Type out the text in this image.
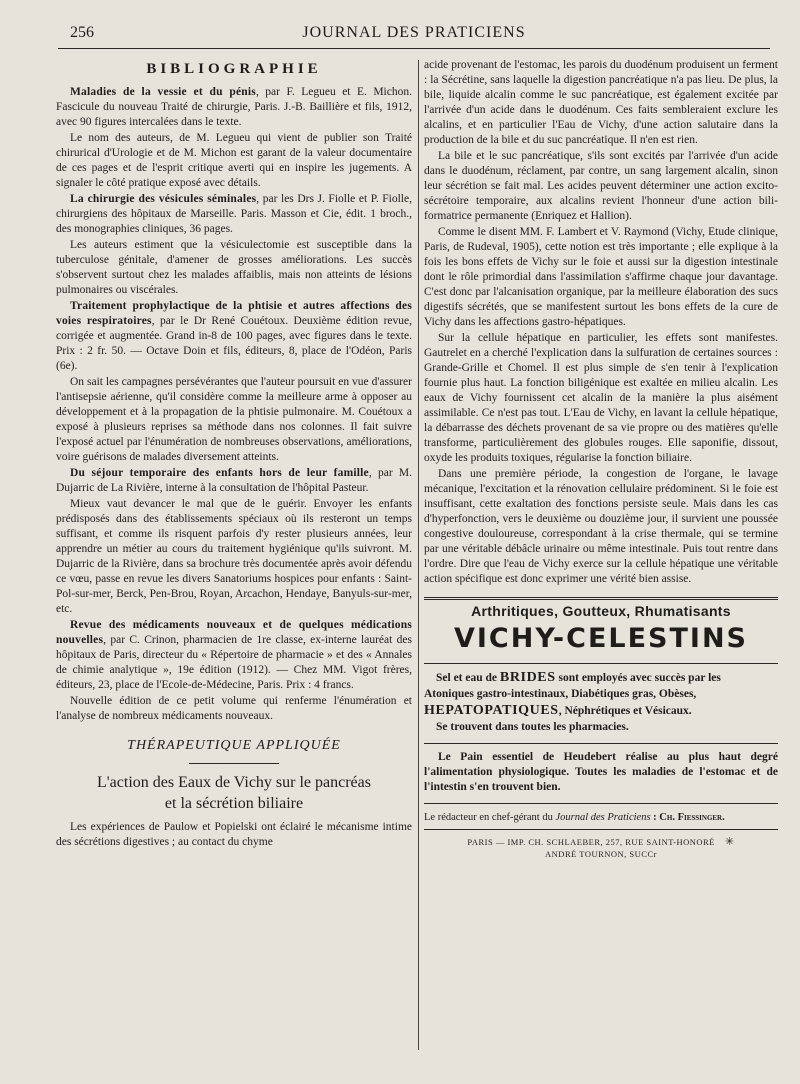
256	JOURNAL DES PRATICIENS
BIBLIOGRAPHIE

Maladies de la vessie et du pénis, par F. Legueu et E. Michon. Fascicule du nouveau Traité de chirurgie, Paris. J.-B. Baillière et fils, 1912, avec 90 figures intercalées dans le texte.

Le nom des auteurs, de M. Legueu qui vient de publier son Traité chirurical d'Urologie et de M. Michon est garant de la valeur documentaire de ces pages et de l'esprit critique averti qui en inspire les jugements. A signaler le côté pratique exposé avec détails.

La chirurgie des vésicules séminales, par les Drs J. Fiolle et P. Fiolle, chirurgiens des hôpitaux de Marseille. Paris. Masson et Cie, édit. 1 broch., des monographies cliniques, 36 pages.

Les auteurs estiment que la vésiculectomie est susceptible dans la tuberculose génitale, d'amener de grosses améliorations. Les succès s'observent surtout chez les malades affaiblis, mais non atteints de lésions pulmonaires ou viscérales.

Traitement prophylactique de la phtisie et autres affections des voies respiratoires, par le Dr René Couétoux. Deuxième édition revue, corrigée et augmentée. Grand in-8 de 100 pages, avec figures dans le texte. Prix : 2 fr. 50. — Octave Doin et fils, éditeurs, 8, place de l'Odéon, Paris (6e).

On sait les campagnes persévérantes que l'auteur poursuit en vue d'assurer l'antisepsie aérienne, qu'il considère comme la meilleure arme à opposer au développement et à la propagation de la phtisie pulmonaire. M. Couétoux a exposé à plusieurs reprises sa méthode dans nos colonnes. Il fait suivre l'exposé actuel par l'énumération de nombreuses observations, améliorations, voire guérisons de malades diversement atteints.

Du séjour temporaire des enfants hors de leur famille, par M. Dujarric de La Rivière, interne à la consultation de l'hôpital Pasteur.

Mieux vaut devancer le mal que de le guérir. Envoyer les enfants prédisposés dans des établissements spéciaux où ils resteront un temps suffisant, et comme ils risquent parfois d'y rester plusieurs années, leur apprendre un métier au cours du traitement hygiénique qu'ils suivront. M. Dujarric de la Rivière, dans sa brochure très documentée après avoir défendu ce vœu, passe en revue les divers Sanatoriums hospices pour enfants : Saint-Pol-sur-mer, Berck, Pen-Brou, Royan, Arcachon, Hendaye, Banyuls-sur-mer, etc.

Revue des médicaments nouveaux et de quelques médications nouvelles, par C. Crinon, pharmacien de 1re classe, ex-interne lauréat des hôpitaux de Paris, directeur du « Répertoire de pharmacie » et des « Annales de chimie analytique », 19e édition (1912). — Chez MM. Vigot frères, éditeurs, 23, place de l'Ecole-de-Médecine, Paris. Prix : 4 francs.

Nouvelle édition de ce petit volume qui renferme l'énumération et l'analyse de nombreux médicaments nouveaux.

THÉRAPEUTIQUE APPLIQUÉE
L'action des Eaux de Vichy sur le pancréas
et la sécrétion biliaire

Les expériences de Paulow et Popielski ont éclairé le mécanisme intime des sécrétions digestives ; au contact du chyme

acide provenant de l'estomac, les parois du duodénum produisent un ferment : la Sécrétine, sans laquelle la digestion pancréatique n'a pas lieu. De plus, la bile, liquide alcalin comme le suc pancréatique, est également excitée par l'arrivée d'un acide dans le duodénum. Ces faits sembleraient exclure les alcalins, et en particulier l'Eau de Vichy, d'une action salutaire dans la production de la bile et du suc pancréatique. Il n'en est rien.

La bile et le suc pancréatique, s'ils sont excités par l'arrivée d'un acide dans le duodénum, réclament, par contre, un sang largement alcalin, sinon leur sécrétion se fait mal. Les acides peuvent déterminer une action excito-sécrétoire temporaire, aux alcalins revient l'honneur d'une action bili-formatrice permanente (Enriquez et Hallion).

Comme le disent MM. F. Lambert et V. Raymond (Vichy, Etude clinique, Paris, de Rudeval, 1905), cette notion est très importante ; elle explique à la fois les bons effets de Vichy sur le foie et aussi sur la digestion intestinale dont le rôle primordial dans l'assimilation s'affirme chaque jour davantage. C'est donc par l'alcanisation organique, par la meilleure élaboration des sucs digestifs sécrétés, que se manifestent surtout les bons effets de la cure de Vichy dans les affections gastro-hépatiques.

Sur la cellule hépatique en particulier, les effets sont manifestes. Gautrelet en a cherché l'explication dans la sulfuration de certaines sources : Grande-Grille et Chomel. Il est plus simple de s'en tenir à l'explication fournie plus haut. La fonction biligénique est exaltée en milieu alcalin. Les eaux de Vichy fournissent cet alcalin de la manière la plus aisément assimilable. Ce n'est pas tout. L'Eau de Vichy, en lavant la cellule hépatique, la débarrasse des déchets provenant de sa vie propre ou des matières qu'elle transforme, particulièrement des globules rouges. Elle saponifie, dissout, oxyde les produits toxiques, régularise la fonction biliaire.

Dans une première période, la congestion de l'organe, le lavage mécanique, l'excitation et la rénovation cellulaire prédominent. Si le foie est insuffisant, cette exaltation des fonctions persiste seule. Mais dans les cas d'hyperfonction, vers le deuxième ou douzième jour, il survient une poussée congestive douloureuse, correspondant à la crise thermale, qui se termine par une véritable débâcle urinaire ou même intestinale. Puis tout rentre dans l'ordre. Dire que l'eau de Vichy exerce sur la cellule hépatique une véritable action spécifique est donc exprimer une vérité bien assise.

Arthritiques, Goutteux, Rhumatisants
VICHY-CELESTINS

Sel et eau de BRIDES sont employés avec succès par les

Atoniques gastro-intestinaux, Diabétiques gras, Obèses,

HEPATOPATIQUES, Néphrétiques et Vésicaux.

Se trouvent dans toutes les pharmacies.

Le Pain essentiel de Heudebert réalise au plus haut degré l'alimentation physiologique. Toutes les maladies de l'estomac et de l'intestin s'en trouvent bien.

Le rédacteur en chef-gérant du Journal des Praticiens : Ch. Fiessinger.

PARIS — IMP. CH. SCHLAEBER, 257, RUE SAINT-HONORÉ ✳
ANDRÉ TOURNON, SUCCr
